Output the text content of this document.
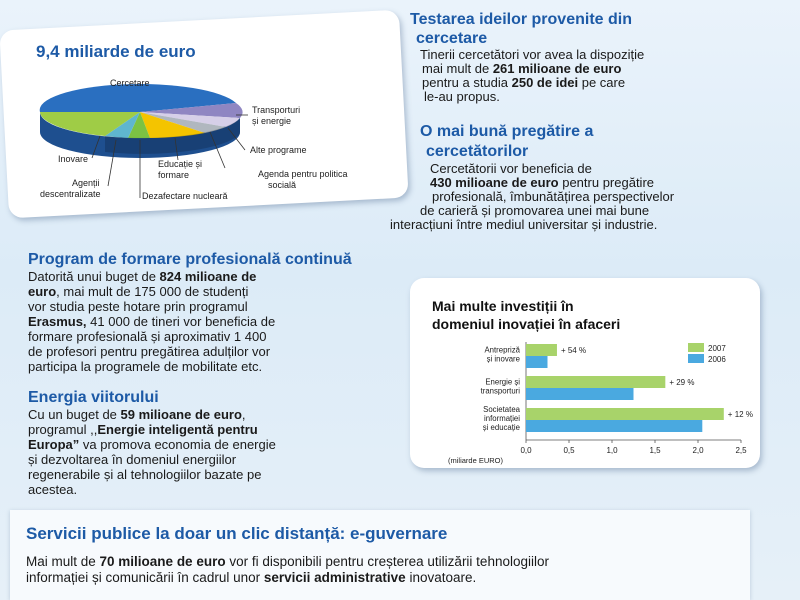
Cercetare
Transporturi
și energie
Alte programe
Educație și
formare	Agenda pentru politica
socială
Inovare
Agenții
descentralizate	Dezafectare nucleară
9,4 miliarde de euro
Testarea ideilor provenite din
cercetare
Tinerii cercetători vor avea la dispoziție
mai mult de 261 milioane de euro
pentru a studia 250 de idei pe care
le-au propus.
O mai bună pregătire a
cercetătorilor
Cercetătorii vor beneficia de
430 milioane de euro pentru pregătire
profesională, îmbunătățirea perspectivelor
de carieră și promovarea unei mai bune
interacțiuni între mediul universitar și industrie.
Program de formare profesională continuă
Datorită unui buget de 824 milioane de
euro, mai mult de 175 000 de studenți
vor studia peste hotare prin programul
Erasmus, 41 000 de tineri vor beneficia de
formare profesională și aproximativ 1 400
de profesori pentru pregătirea adulților vor
participa la programele de mobilitate etc.
Energia viitorului
Cu un buget de 59 milioane de euro,
programul ,,Energie inteligentă pentru
Europa” va promova economia de energie
și dezvoltarea în domeniul energiilor
regenerabile și al tehnologiilor bazate pe
acestea.
Mai multe investiții în
domeniul inovației în afaceri
0,0	0,5	1,0	1,5	2,0	2,5
(miliarde EURO)
+ 54 %
Antrepriză
și inovare
+ 29 %
Energie și
transporturi
+ 12 %
Societatea
informației
și educație
2007
2006
Servicii publice la doar un clic distanță: e-guvernare
Mai mult de 70 milioane de euro vor fi disponibili pentru creșterea utilizării tehnologiilor
informației și comunicării în cadrul unor servicii administrative inovatoare.
